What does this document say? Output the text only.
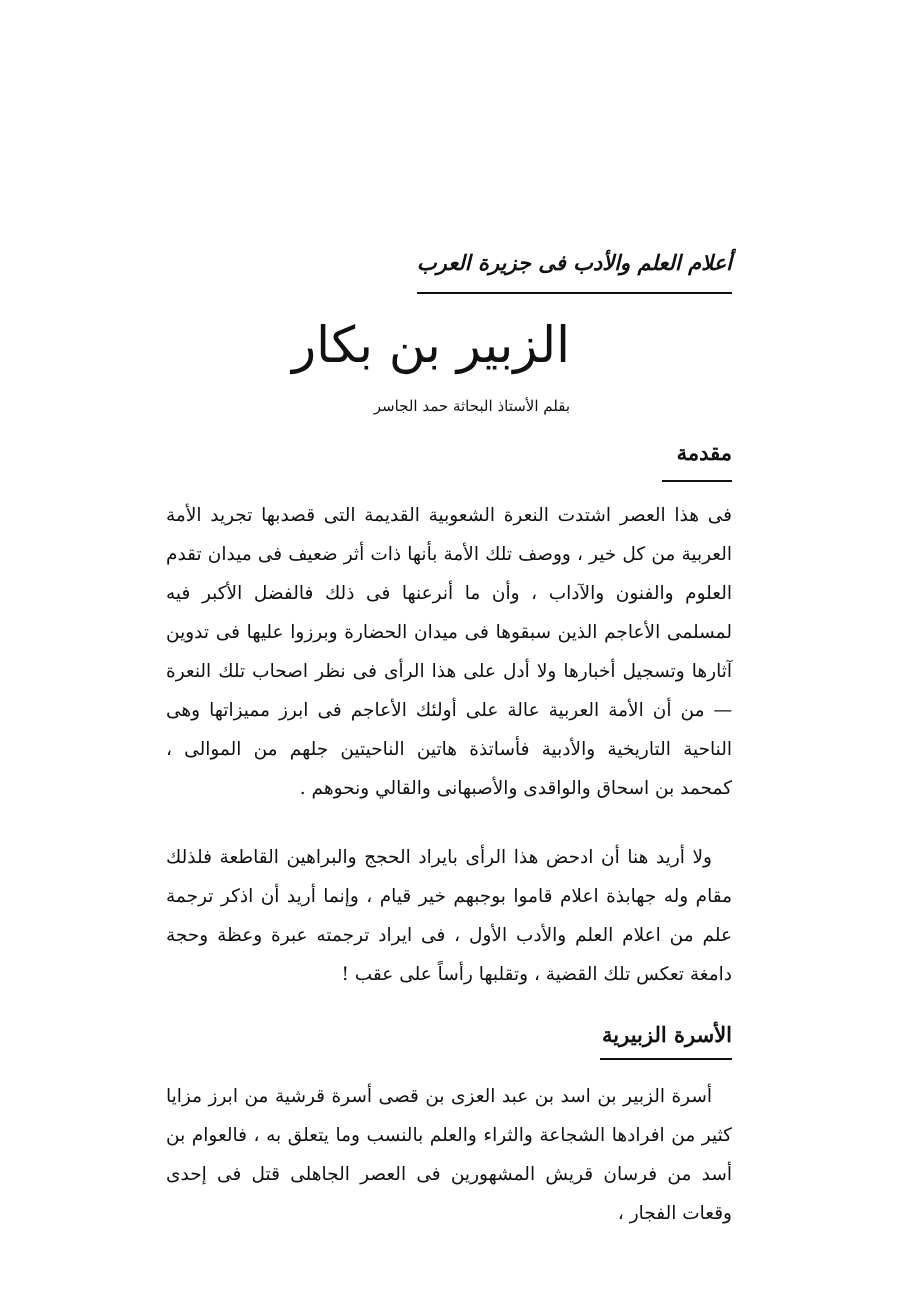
أعلام العلم والأدب فى جزيرة العرب
الزبير بن بكار
بقلم الأستاذ البحاثة حمد الجاسر
مقدمة

فى هذا العصر اشتدت النعرة الشعوبية القديمة التى قصدبها تجريد الأمة العربية من كل خير ، ووصف تلك الأمة بأنها ذات أثر ضعيف فى ميدان تقدم العلوم والفنون والآداب ، وأن ما أنرعنها فى ذلك فالفضل الأكبر فيه لمسلمى الأعاجم الذين سبقوها فى ميدان الحضارة وبرزوا عليها فى تدوين آثارها وتسجيل أخبارها ولا أدل على هذا الرأى فى نظر اصحاب تلك النعرة — من أن الأمة العربية عالة على أولئك الأعاجم فى ابرز مميزاتها وهى الناحية التاريخية والأدبية فأساتذة هاتين الناحيتين جلهم من الموالى ، كمحمد بن اسحاق والواقدى والأصبهانى والقالي ونحوهم .

ولا أريد هنا أن ادحض هذا الرأى بايراد الحجج والبراهين القاطعة فلذلك مقام وله جهابذة اعلام قاموا بوجبهم خير قيام ، وإنما أريد أن اذكر ترجمة علم من اعلام العلم والأدب الأول ، فى ايراد ترجمته عبرة وعظة وحجة دامغة تعكس تلك القضية ، وتقلبها رأساً على عقب !

الأسرة الزبيرية

أسرة الزبير بن اسد بن عبد العزى بن قصى أسرة قرشية من ابرز مزايا كثير من افرادها الشجاعة والثراء والعلم بالنسب وما يتعلق به ، فالعوام بن أسد من فرسان قريش المشهورين فى العصر الجاهلى قتل فى إحدى وقعات الفجار ،
